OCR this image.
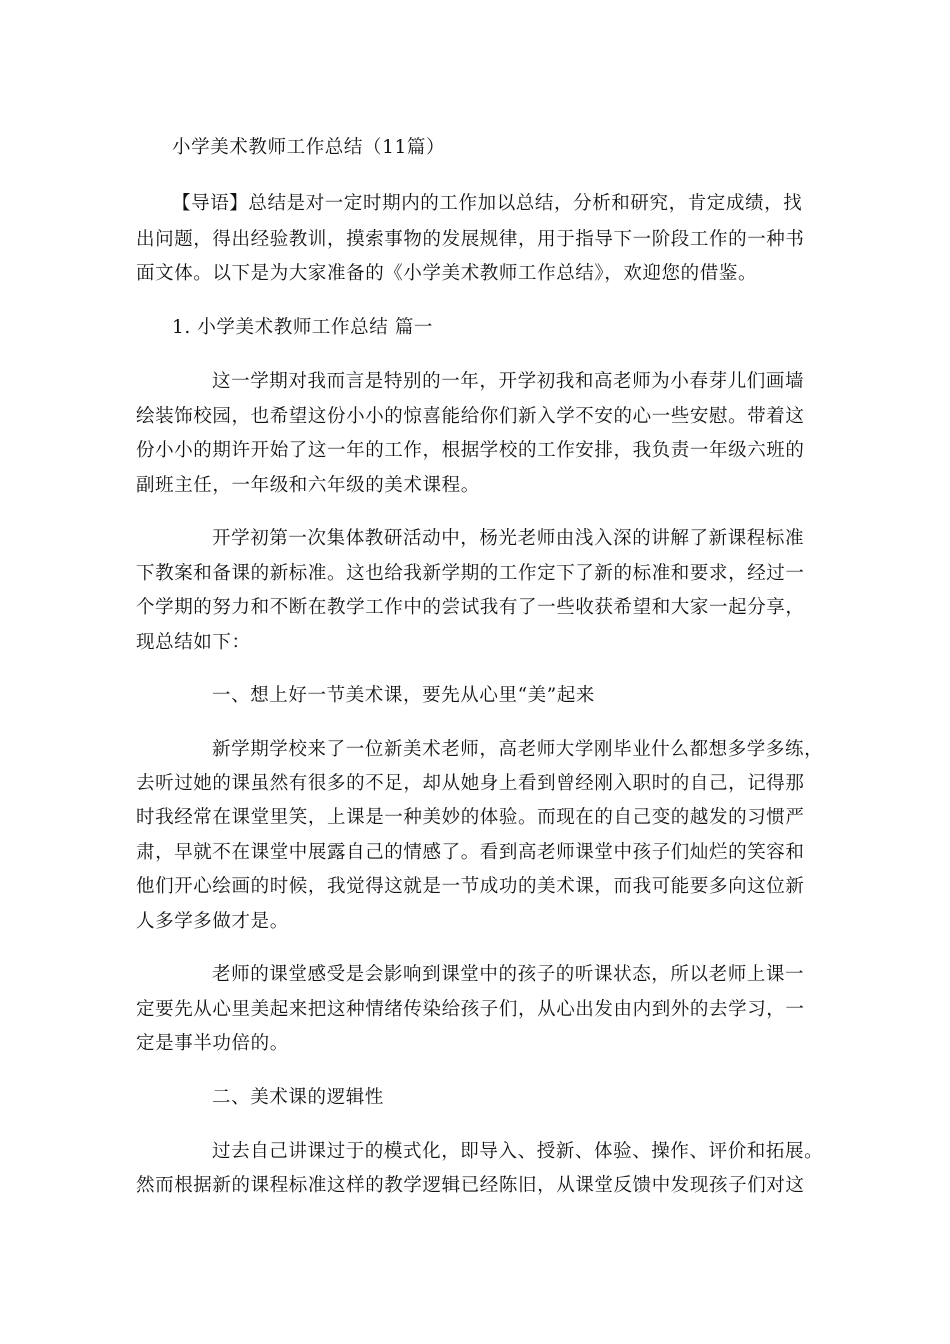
小学美术教师工作总结（11篇）
【导语】总结是对一定时期内的工作加以总结，分析和研究，肯定成绩，找
出问题，得出经验教训，摸索事物的发展规律，用于指导下一阶段工作的一种书
面文体。以下是为大家准备的《小学美术教师工作总结》，欢迎您的借鉴。
1. 小学美术教师工作总结 篇一
这一学期对我而言是特别的一年，开学初我和高老师为小春芽儿们画墙
绘装饰校园，也希望这份小小的惊喜能给你们新入学不安的心一些安慰。带着这
份小小的期许开始了这一年的工作，根据学校的工作安排，我负责一年级六班的
副班主任，一年级和六年级的美术课程。
开学初第一次集体教研活动中，杨光老师由浅入深的讲解了新课程标准
下教案和备课的新标准。这也给我新学期的工作定下了新的标准和要求，经过一
个学期的努力和不断在教学工作中的尝试我有了一些收获希望和大家一起分享，
现总结如下：
一、想上好一节美术课，要先从心里“美”起来
新学期学校来了一位新美术老师，高老师大学刚毕业什么都想多学多练，
去听过她的课虽然有很多的不足，却从她身上看到曾经刚入职时的自己，记得那
时我经常在课堂里笑，上课是一种美妙的体验。而现在的自己变的越发的习惯严
肃，早就不在课堂中展露自己的情感了。看到高老师课堂中孩子们灿烂的笑容和
他们开心绘画的时候，我觉得这就是一节成功的美术课，而我可能要多向这位新
人多学多做才是。
老师的课堂感受是会影响到课堂中的孩子的听课状态，所以老师上课一
定要先从心里美起来把这种情绪传染给孩子们，从心出发由内到外的去学习，一
定是事半功倍的。
二、美术课的逻辑性
过去自己讲课过于的模式化，即导入、授新、体验、操作、评价和拓展。
然而根据新的课程标准这样的教学逻辑已经陈旧，从课堂反馈中发现孩子们对这
